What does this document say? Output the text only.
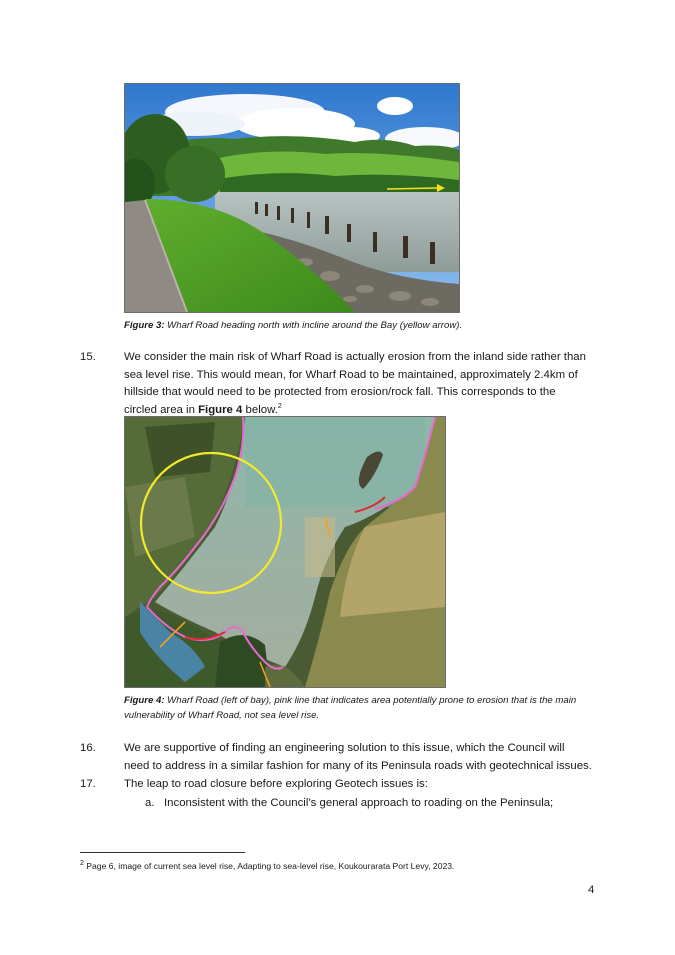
Figure 3: Wharf Road heading north with incline around the Bay (yellow arrow).
15. We consider the main risk of Wharf Road is actually erosion from the inland side rather than
sea level rise. This would mean, for Wharf Road to be maintained, approximately 2.4km of
hillside that would need to be protected from erosion/rock fall. This corresponds to the
circled area in Figure 4 below.$^2$
Figure 4: Wharf Road (left of bay), pink line that indicates area potentially prone to erosion that is the main
vulnerability of Wharf Road, not sea level rise.
16. We are supportive of finding an engineering solution to this issue, which the Council will
need to address in a similar fashion for many of its Peninsula roads with geotechnical issues.
17. The leap to road closure before exploring Geotech issues is:
a. Inconsistent with the Council’s general approach to roading on the Peninsula;
$^2$ Page 6, image of current sea level rise, Adapting to sea-level rise, Koukourarata Port Levy, 2023.
4
